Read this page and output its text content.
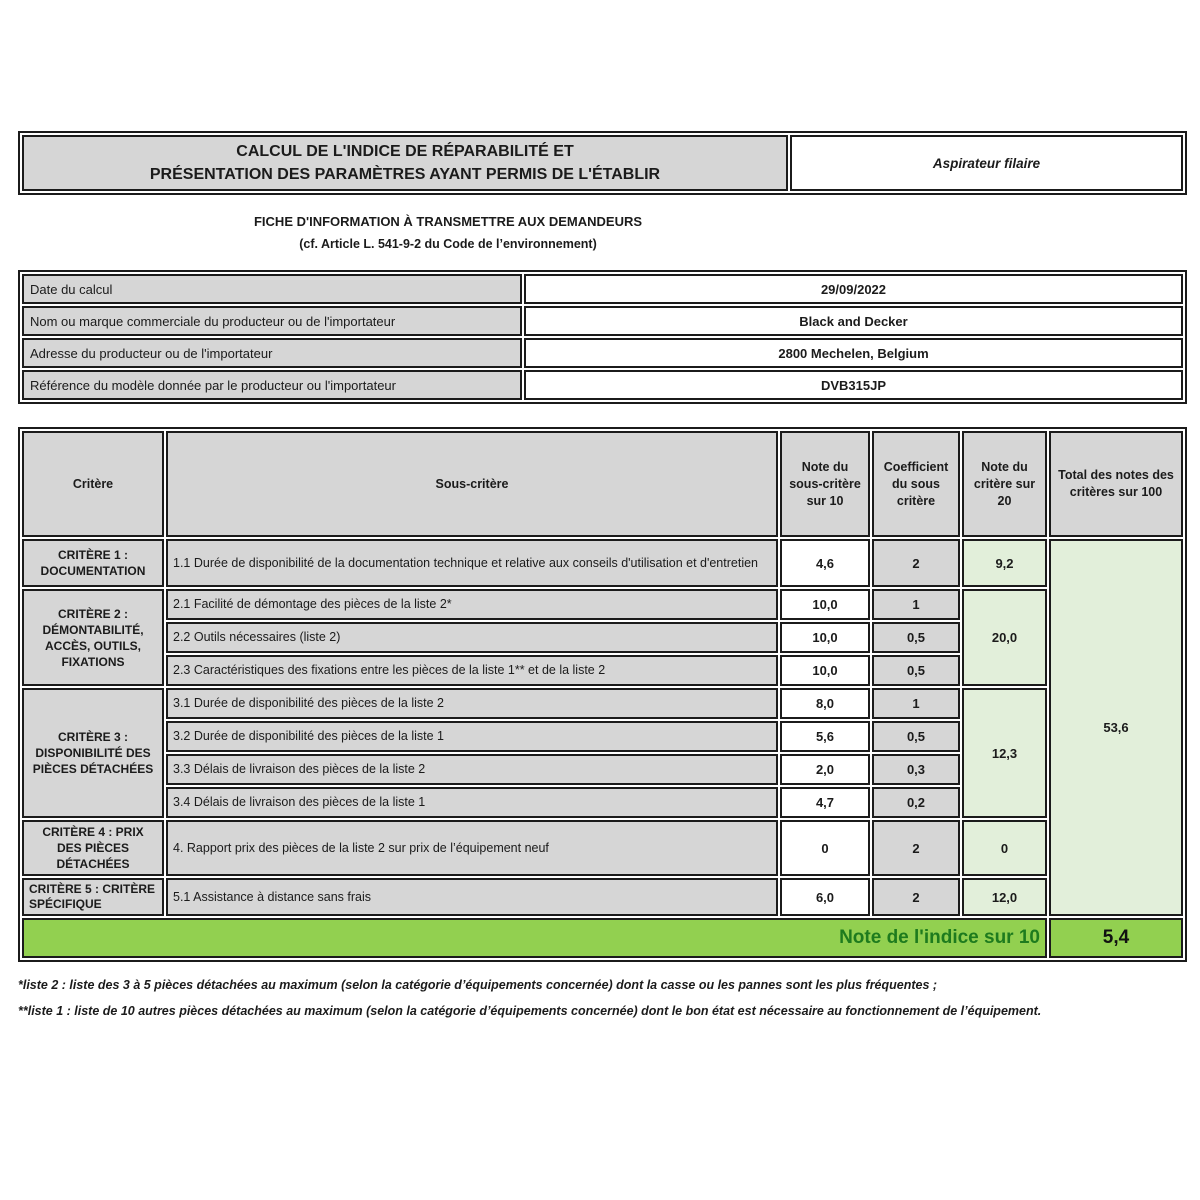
CALCUL DE L'INDICE DE RÉPARABILITÉ ET
PRÉSENTATION DES PARAMÈTRES AYANT PERMIS DE L'ÉTABLIR
	Aspirateur filaire
FICHE D'INFORMATION À TRANSMETTRE AUX DEMANDEURS
(cf. Article L. 541-9-2 du Code de l’environnement)
Date du calcul	29/09/2022
Nom ou marque commerciale du producteur ou de l'importateur	Black and Decker
Adresse du producteur ou de l'importateur	2800 Mechelen, Belgium
Référence du modèle donnée par le producteur ou l'importateur	DVB315JP
Critère	Sous-critère	Note du sous-critère sur 10	Coefficient du sous critère	Note du critère sur 20	Total des notes des critères sur 100
CRITÈRE 1 : DOCUMENTATION	1.1 Durée de disponibilité de la documentation technique et relative aux conseils d'utilisation et d'entretien	4,6	2	9,2	53,6
CRITÈRE 2 : DÉMONTABILITÉ, ACCÈS, OUTILS, FIXATIONS	2.1 Facilité de démontage des pièces de la liste 2*	10,0	1	20,0	
	2.2 Outils nécessaires (liste 2)	10,0	0,5		
	2.3 Caractéristiques des fixations entre les pièces de la liste 1** et de la liste 2	10,0	0,5		
CRITÈRE 3 : DISPONIBILITÉ DES PIÈCES DÉTACHÉES	3.1 Durée de disponibilité des pièces de la liste 2	8,0	1	12,3	
	3.2 Durée de disponibilité des pièces de la liste 1	5,6	0,5		
	3.3 Délais de livraison des pièces de la liste 2	2,0	0,3		
	3.4 Délais de livraison des pièces de la liste 1	4,7	0,2		
CRITÈRE 4 : PRIX DES PIÈCES DÉTACHÉES	4. Rapport prix des pièces de la liste 2 sur prix de l’équipement neuf	0	2	0	
CRITÈRE 5 : CRITÈRE SPÉCIFIQUE	5.1 Assistance à distance sans frais	6,0	2	12,0	
Note de l'indice sur 10					5,4
*liste 2 : liste des 3 à 5 pièces détachées au maximum (selon la catégorie d’équipements concernée) dont la casse ou les pannes sont les plus fréquentes ;
**liste 1 : liste de 10 autres pièces détachées au maximum (selon la catégorie d’équipements concernée) dont le bon état est nécessaire au fonctionnement de l’équipement.
